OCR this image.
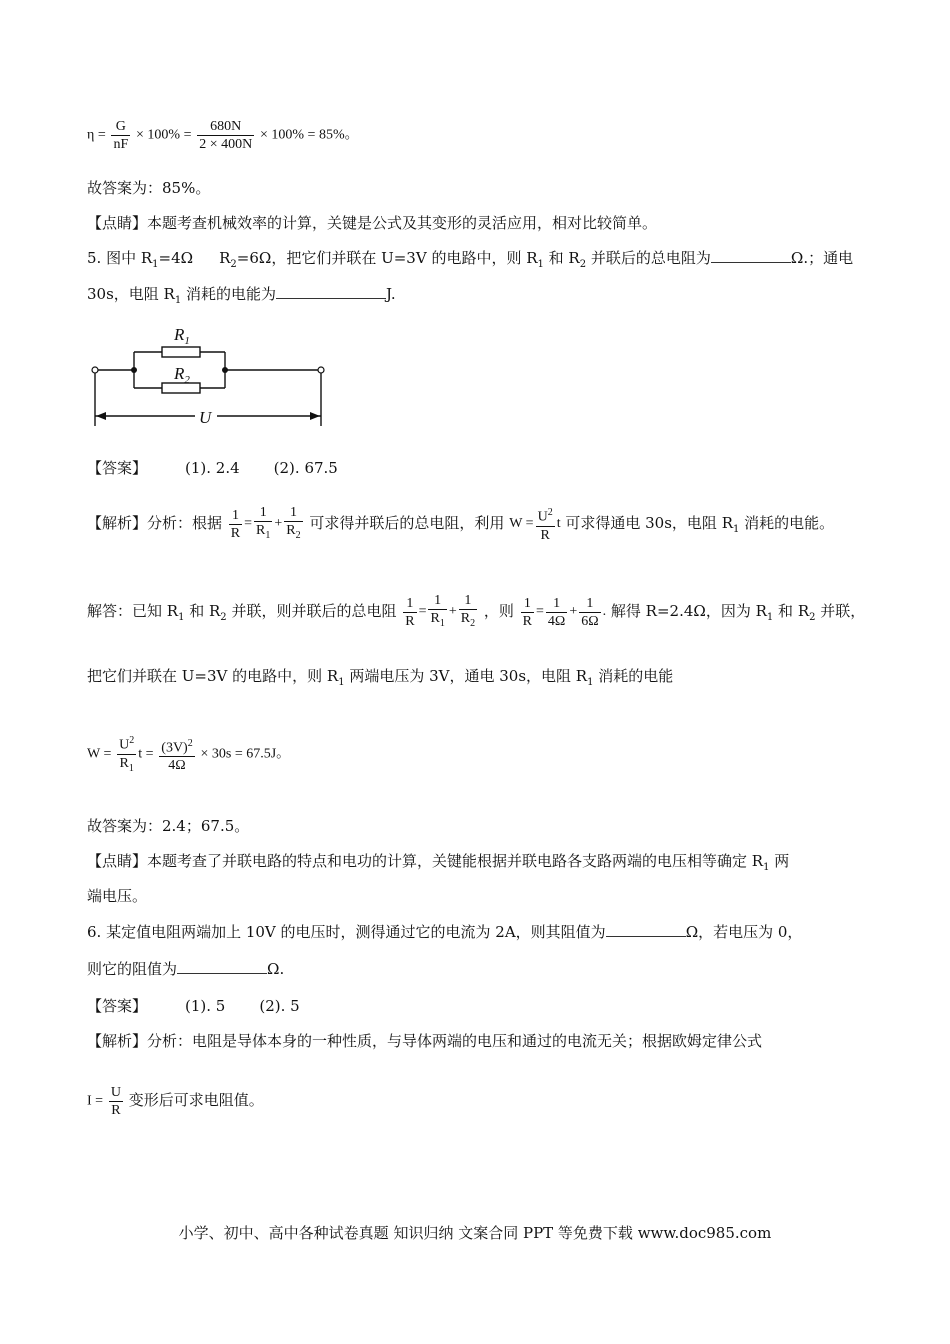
$\eta = \frac{G}{nF} \times 100\% = \frac{680N}{2 \times 400N} \times 100\% = 85\%$。
故答案为：85%。
【点睛】本题考查机械效率的计算，关键是公式及其变形的灵活应用，相对比较简单。
5. 图中 $R_1=4\Omega$ $R_2=6\Omega$，把它们并联在 U=3V 的电路中，则 $R_1$ 和 $R_2$ 并联后的总电阻为	Ω.；通电
30s，电阻 $R_1$ 消耗的电能为	J.
$R_1$
$R_2$
U
【答案】	(1). 2.4 (2). 67.5
【解析】分析：根据 $\frac{1}{R} = \frac{1}{R_1} + \frac{1}{R_2}$ 可求得并联后的总电阻，利用 $W = \frac{U^2}{R}$ t 可求得通电 30s，电阻 $R_1$ 消耗的电能。
解答：已知 $R_1$ 和 $R_2$ 并联，则并联后的总电阻 $\frac{1}{R} = \frac{1}{R_1} + \frac{1}{R_2}$ ，则 $\frac{1}{R} = \frac{1}{4\Omega} + \frac{1}{6\Omega}$ . 解得 R=2.4Ω，因为 $R_1$ 和 $R_2$ 并联，
把它们并联在 U=3V 的电路中，则 $R_1$ 两端电压为 3V，通电 30s，电阻 $R_1$ 消耗的电能
$W = \frac{U^2}{R_1}$ $t = \frac{(3V)^2}{4\Omega} \times 30s = 67.5J$。
故答案为：2.4；67.5。
【点睛】本题考查了并联电路的特点和电功的计算，关键能根据并联电路各支路两端的电压相等确定 $R_1$ 两
端电压。
6. 某定值电阻两端加上 10V 的电压时，测得通过它的电流为 2A，则其阻值为	Ω，若电压为 0，
则它的阻值为	Ω.
【答案】	(1). 5 (2). 5
【解析】分析：电阻是导体本身的一种性质，与导体两端的电压和通过的电流无关；根据欧姆定律公式
$I = \frac{U}{R}$ 变形后可求电阻值。
小学、初中、高中各种试卷真题 知识归纳 文案合同 PPT 等免费下载 www.doc985.com
